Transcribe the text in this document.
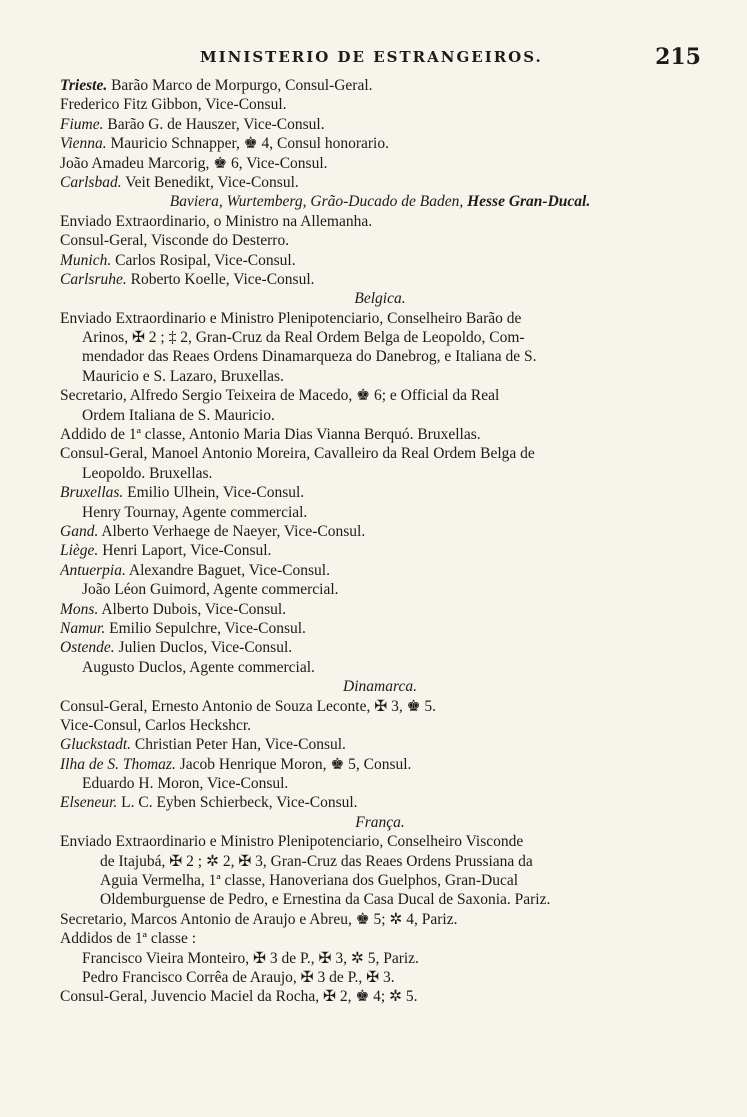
MINISTERIO DE ESTRANGEIROS.	215
Trieste. Barão Marco de Morpurgo, Consul-Geral.
Frederico Fitz Gibbon, Vice-Consul.
Fiume. Barão G. de Hauszer, Vice-Consul.
Vienna. Mauricio Schnapper, ♚ 4, Consul honorario.
João Amadeu Marcorig, ♚ 6, Vice-Consul.
Carlsbad. Veit Benedikt, Vice-Consul.
Baviera, Wurtemberg, Grão-Ducado de Baden, Hesse Gran-Ducal.
Enviado Extraordinario, o Ministro na Allemanha.
Consul-Geral, Visconde do Desterro.
Munich. Carlos Rosipal, Vice-Consul.
Carlsruhe. Roberto Koelle, Vice-Consul.
Belgica.
Enviado Extraordinario e Ministro Plenipotenciario, Conselheiro Barão de
Arinos, ✠ 2 ; ‡ 2, Gran-Cruz da Real Ordem Belga de Leopoldo, Com-
mendador das Reaes Ordens Dinamarqueza do Danebrog, e Italiana de S.
Mauricio e S. Lazaro, Bruxellas.
Secretario, Alfredo Sergio Teixeira de Macedo, ♚ 6; e Official da Real
Ordem Italiana de S. Mauricio.
Addido de 1ª classe, Antonio Maria Dias Vianna Berquó. Bruxellas.
Consul-Geral, Manoel Antonio Moreira, Cavalleiro da Real Ordem Belga de
Leopoldo. Bruxellas.
Bruxellas. Emilio Ulhein, Vice-Consul.
Henry Tournay, Agente commercial.
Gand. Alberto Verhaege de Naeyer, Vice-Consul.
Liège. Henri Laport, Vice-Consul.
Antuerpia. Alexandre Baguet, Vice-Consul.
João Léon Guimord, Agente commercial.
Mons. Alberto Dubois, Vice-Consul.
Namur. Emilio Sepulchre, Vice-Consul.
Ostende. Julien Duclos, Vice-Consul.
Augusto Duclos, Agente commercial.
Dinamarca.
Consul-Geral, Ernesto Antonio de Souza Leconte, ✠ 3, ♚ 5.
Vice-Consul, Carlos Heckshcr.
Gluckstadt. Christian Peter Han, Vice-Consul.
Ilha de S. Thomaz. Jacob Henrique Moron, ♚ 5, Consul.
Eduardo H. Moron, Vice-Consul.
Elseneur. L. C. Eyben Schierbeck, Vice-Consul.
França.
Enviado Extraordinario e Ministro Plenipotenciario, Conselheiro Visconde
de Itajubá, ✠ 2 ; ✲ 2, ✠ 3, Gran-Cruz das Reaes Ordens Prussiana da
Aguia Vermelha, 1ª classe, Hanoveriana dos Guelphos, Gran-Ducal
Oldemburguense de Pedro, e Ernestina da Casa Ducal de Saxonia. Pariz.
Secretario, Marcos Antonio de Araujo e Abreu, ♚ 5; ✲ 4, Pariz.
Addidos de 1ª classe :
Francisco Vieira Monteiro, ✠ 3 de P., ✠ 3, ✲ 5, Pariz.
Pedro Francisco Corrêa de Araujo, ✠ 3 de P., ✠ 3.
Consul-Geral, Juvencio Maciel da Rocha, ✠ 2, ♚ 4; ✲ 5.
